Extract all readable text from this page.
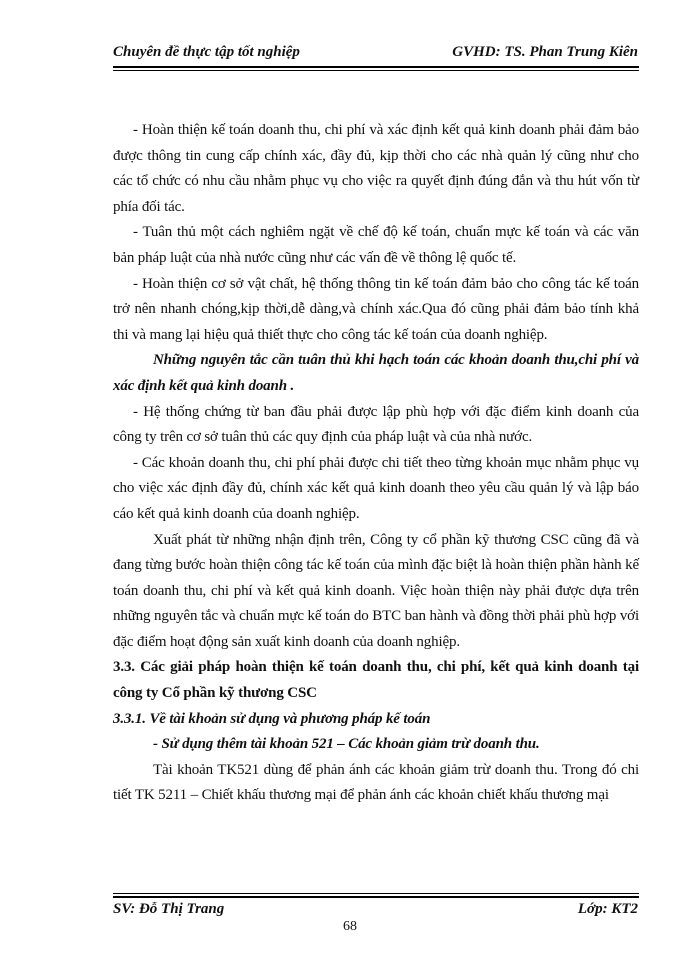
Chuyên đề thực tập tốt nghiệp	GVHD: TS. Phan Trung Kiên

- Hoàn thiện kế toán doanh thu, chi phí và xác định kết quả kinh doanh phải đảm bảo được thông tin cung cấp chính xác, đầy đủ, kịp thời cho các nhà quản lý cũng như cho các tổ chức có nhu cầu nhằm phục vụ cho việc ra quyết định đúng đắn và thu hút vốn từ phía đối tác.

- Tuân thủ một cách nghiêm ngặt về chế độ kế toán, chuẩn mực kế toán và các văn bản pháp luật của nhà nước cũng như các vấn đề về thông lệ quốc tế.

- Hoàn thiện cơ sở vật chất, hệ thống thông tin kế toán đảm bảo cho công tác kế toán trở nên nhanh chóng,kịp thời,dễ dàng,và chính xác.Qua đó cũng phải đảm bảo tính khả thi và mang lại hiệu quả thiết thực cho công tác kế toán của doanh nghiệp.

Những nguyên tắc cần tuân thủ khi hạch toán các khoản doanh thu,chi phí và xác định kết quả kinh doanh .

- Hệ thống chứng từ ban đầu phải được lập phù hợp với đặc điểm kinh doanh của công ty trên cơ sở tuân thủ các quy định của pháp luật và của nhà nước.

- Các khoản doanh thu, chi phí phải được chi tiết theo từng khoản mục nhằm phục vụ cho việc xác định đầy đủ, chính xác kết quả kinh doanh theo yêu cầu quản lý và lập báo cáo kết quả kinh doanh của doanh nghiệp.

Xuất phát từ những nhận định trên, Công ty cổ phần kỹ thương CSC cũng đã và đang từng bước hoàn thiện công tác kế toán của mình đặc biệt là hoàn thiện phần hành kế toán doanh thu, chi phí và kết quả kinh doanh. Việc hoàn thiện này phải được dựa trên những nguyên tắc và chuẩn mực kế toán do BTC ban hành và đồng thời phải phù hợp với đặc điểm hoạt động sản xuất kinh doanh của doanh nghiệp.

3.3. Các giải pháp hoàn thiện kế toán doanh thu, chi phí, kết quả kinh doanh tại công ty Cổ phần kỹ thương CSC

3.3.1. Về tài khoản sử dụng và phương pháp kế toán

- Sử dụng thêm tài khoản 521 – Các khoản giảm trừ doanh thu.

Tài khoản TK521 dùng để phản ánh các khoản giảm trừ doanh thu. Trong đó chi tiết TK 5211 – Chiết khấu thương mại để phản ánh các khoản chiết khấu thương mại

SV: Đỗ Thị Trang	Lớp: KT2
68
